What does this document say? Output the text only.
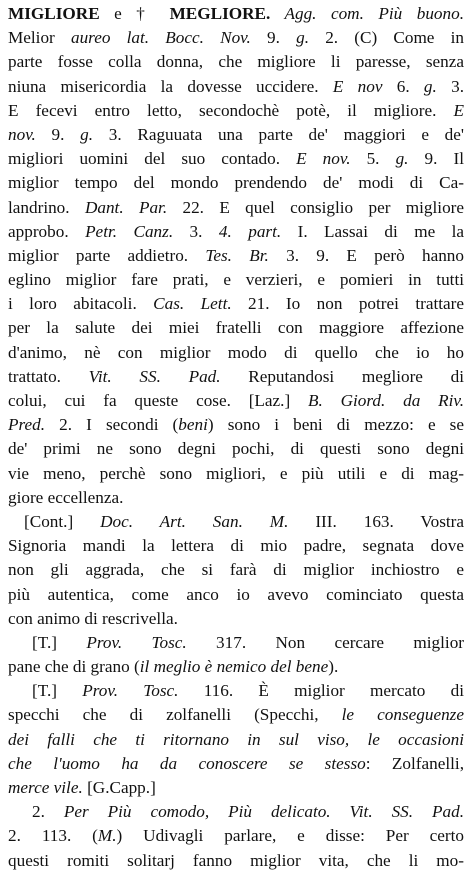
MIGLIORE e † MEGLIORE. Agg. com. Più buono.
Melior aureo lat. Bocc. Nov. 9. g. 2. (C) Come in
parte fosse colla donna, che migliore li paresse, senza
niuna misericordia la dovesse uccidere. E nov 6. g. 3.
E fecevi entro letto, secondochè potè, il migliore. E
nov. 9. g. 3. Raguuata una parte de' maggiori e de'
migliori uomini del suo contado. E nov. 5. g. 9. Il
miglior tempo del mondo prendendo de' modi di Ca-
landrino. Dant. Par. 22. E quel consiglio per migliore
approbo. Petr. Canz. 3. 4. part. I. Lassai di me la
miglior parte addietro. Tes. Br. 3. 9. E però hanno
eglino miglior fare prati, e verzieri, e pomieri in tutti
i loro abitacoli. Cas. Lett. 21. Io non potrei trattare
per la salute dei miei fratelli con maggiore affezione
d'animo, nè con miglior modo di quello che io ho
trattato. Vit. SS. Pad. Reputandosi megliore di
colui, cui fa queste cose. [Laz.] B. Giord. da Riv.
Pred. 2. I secondi (beni) sono i beni di mezzo: e se
de' primi ne sono degni pochi, di questi sono degni
vie meno, perchè sono migliori, e più utili e di mag-
giore eccellenza.
[Cont.] Doc. Art. San. M. III. 163. Vostra
Signoria mandi la lettera di mio padre, segnata dove
non gli aggrada, che si farà di miglior inchiostro e
più autentica, come anco io avevo cominciato questa
con animo di rescrivella.
[T.] Prov. Tosc. 317. Non cercare miglior
pane che di grano (il meglio è nemico del bene).
[T.] Prov. Tosc. 116. È miglior mercato di
specchi che di zolfanelli (Specchi, le conseguenze
dei falli che ti ritornano in sul viso, le occasioni
che l'uomo ha da conoscere se stesso: Zolfanelli,
merce vile. [G.Capp.]
2. Per Più comodo, Più delicato. Vit. SS. Pad.
2. 113. (M.) Udivagli parlare, e disse: Per certo
questi romiti solitarj fanno miglior vita, che li mo-
